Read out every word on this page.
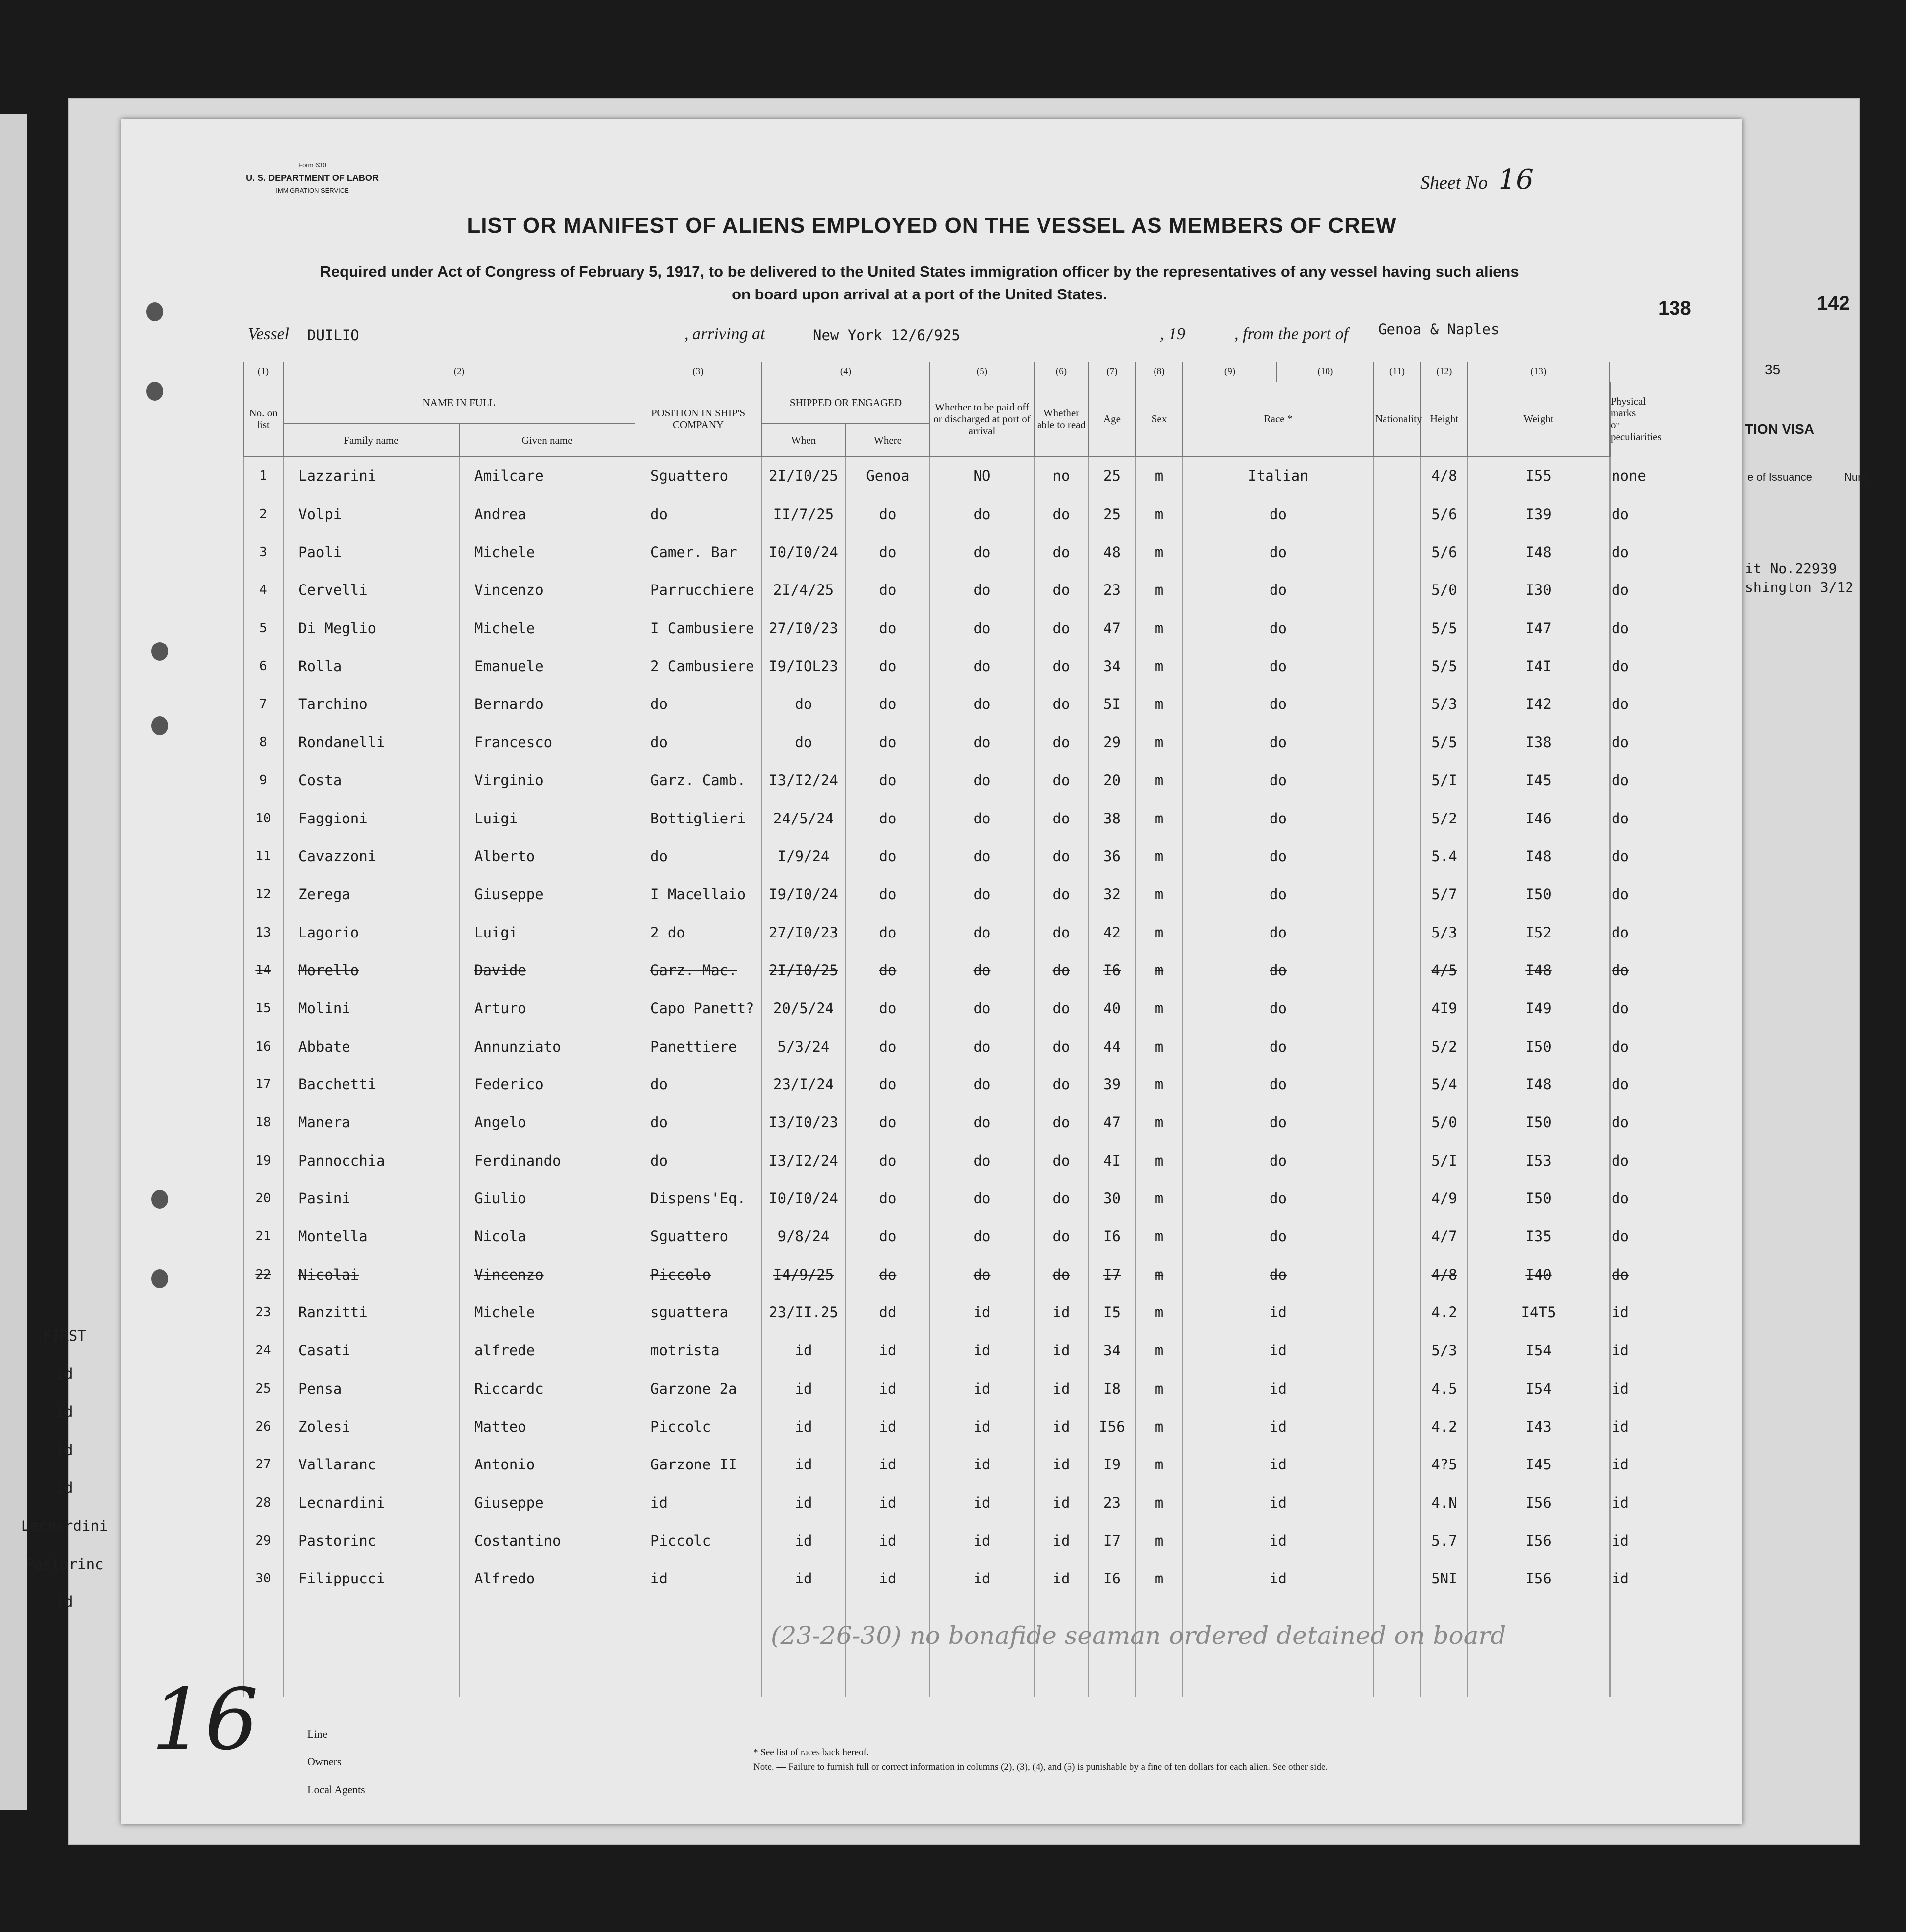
35
TION VISA
e of Issuance	Num
it No.22939
shington 3/12
Form 630
U. S. DEPARTMENT OF LABOR
IMMIGRATION SERVICE	Sheet No 16
LIST OR MANIFEST OF ALIENS EMPLOYED ON THE VESSEL AS MEMBERS OF CREW
Required under Act of Congress of February 5, 1917, to be delivered to the United States immigration officer by the representatives of any vessel having such aliens
on board upon arrival at a port of the United States.
138	142
Vessel DUILIO	, arriving at	New York 12/6/925	, 19	, from the port of Genoa & Naples
(1)	(2)		(3)	(4)		(5)	(6)	(7)	(8)	(9)	(10)	(11)	(12)	(13)	
No. on list	NAME IN FULL		POSITION IN SHIP'S COMPANY	SHIPPED OR ENGAGED		Whether to be paid off or discharged at port of arrival	Whether able to read	Age	Sex	Race *		Nationality	Height	Weight	Physical marks or peculiarities
	Family name	Given name		When	Where										
1	Lazzarini	Amilcare	Sguattero	2I/I0/25	Genoa	NO	no	25	m	Italian			4/8	I55	none
2	Volpi	Andrea	do	II/7/25	do	do	do	25	m	do			5/6	I39	do
3	Paoli	Michele	Camer. Bar	I0/I0/24	do	do	do	48	m	do			5/6	I48	do
4	Cervelli	Vincenzo	Parrucchiere	2I/4/25	do	do	do	23	m	do			5/0	I30	do
5	Di Meglio	Michele	I Cambusiere	27/I0/23	do	do	do	47	m	do			5/5	I47	do
6	Rolla	Emanuele	2 Cambusiere	I9/IOL23	do	do	do	34	m	do			5/5	I4I	do
7	Tarchino	Bernardo	do	do	do	do	do	5I	m	do			5/3	I42	do
8	Rondanelli	Francesco	do	do	do	do	do	29	m	do			5/5	I38	do
9	Costa	Virginio	Garz. Camb.	I3/I2/24	do	do	do	20	m	do			5/I	I45	do
10	Faggioni	Luigi	Bottiglieri	24/5/24	do	do	do	38	m	do			5/2	I46	do
11	Cavazzoni	Alberto	do	I/9/24	do	do	do	36	m	do			5.4	I48	do
12	Zerega	Giuseppe	I Macellaio	I9/I0/24	do	do	do	32	m	do			5/7	I50	do
13	Lagorio	Luigi	2 do	27/I0/23	do	do	do	42	m	do			5/3	I52	do
14	Morello	Davide	Garz. Mac.	2I/I0/25	do	do	do	I6	m	do			4/5	I48	do
15	Molini	Arturo	Capo Panett?	20/5/24	do	do	do	40	m	do			4I9	I49	do
16	Abbate	Annunziato	Panettiere	5/3/24	do	do	do	44	m	do			5/2	I50	do
17	Bacchetti	Federico	do	23/I/24	do	do	do	39	m	do			5/4	I48	do
18	Manera	Angelo	do	I3/I0/23	do	do	do	47	m	do			5/0	I50	do
19	Pannocchia	Ferdinando	do	I3/I2/24	do	do	do	4I	m	do			5/I	I53	do
20	Pasini	Giulio	Dispens'Eq.	I0/I0/24	do	do	do	30	m	do			4/9	I50	do
21	Montella	Nicola	Sguattero	9/8/24	do	do	do	I6	m	do			4/7	I35	do
22	Nicolai	Vincenzo	Piccolo	I4/9/25	do	do	do	I7	m	do			4/8	I40	do
23	Ranzitti	Michele	sguattera	23/II.25	dd	id	id	I5	m	id			4.2	I4T5	id
24	Casati	alfrede	motrista	id	id	id	id	34	m	id			5/3	I54	id
25	Pensa	Riccardc	Garzone 2a	id	id	id	id	I8	m	id			4.5	I54	id
26	Zolesi	Matteo	Piccolc	id	id	id	id	I56	m	id			4.2	I43	id
27	Vallaranc	Antonio	Garzone II	id	id	id	id	I9	m	id			4?5	I45	id
28	Lecnardini	Giuseppe	id	id	id	id	id	23	m	id			4.N	I56	id
29	Pastorinc	Costantino	Piccolc	id	id	id	id	I7	m	id			5.7	I56	id
30	Filippucci	Alfredo	id	id	id	id	id	I6	m	id			5NI	I56	id

16
(23-26-30) no bonafide seaman ordered detained on board
Line
Owners
Local Agents
* See list of races back hereof.
Note. — Failure to furnish full or correct information in columns (2), (3), (4), and (5) is punishable by a fine of ten dollars for each alien. See other side.
FIRST
id
id
id
id
Lecnardini
Pastorinc
id
